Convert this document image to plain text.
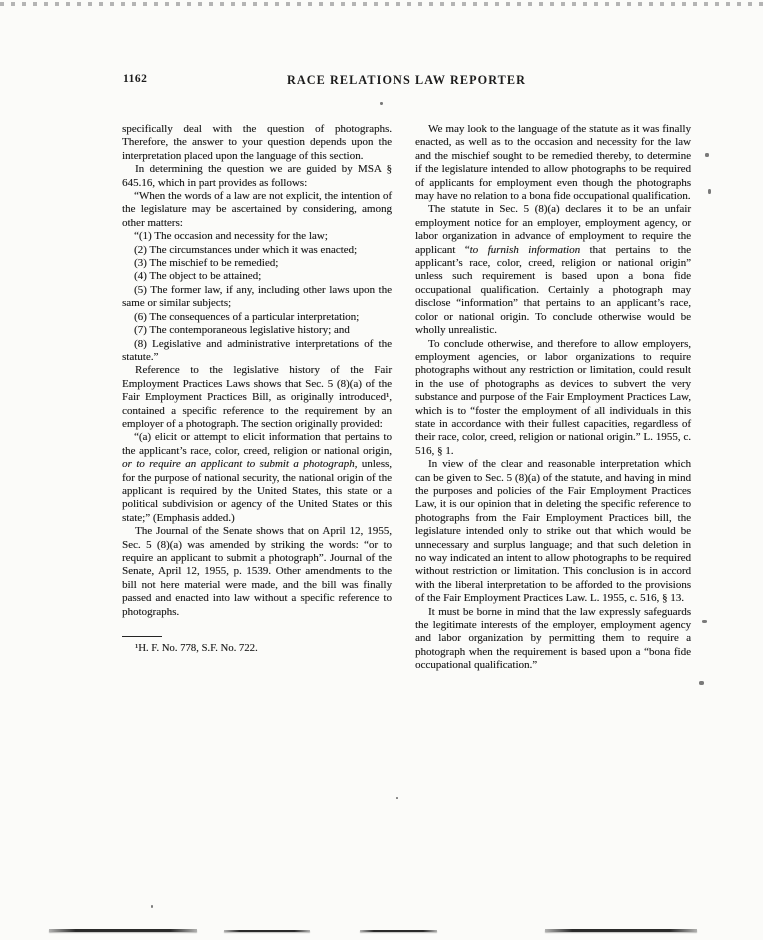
1162	RACE RELATIONS LAW REPORTER

specifically deal with the question of photographs. Therefore, the answer to your question depends upon the interpretation placed upon the language of this section.

In determining the question we are guided by MSA § 645.16, which in part provides as follows:

“When the words of a law are not explicit, the intention of the legislature may be ascertained by considering, among other matters:

“(1) The occasion and necessity for the law;

(2) The circumstances under which it was enacted;

(3) The mischief to be remedied;

(4) The object to be attained;

(5) The former law, if any, including other laws upon the same or similar subjects;

(6) The consequences of a particular interpretation;

(7) The contemporaneous legislative history; and

(8) Legislative and administrative interpretations of the statute.”

Reference to the legislative history of the Fair Employment Practices Laws shows that Sec. 5 (8)(a) of the Fair Employment Practices Bill, as originally introduced¹, contained a specific reference to the requirement by an employer of a photograph. The section originally provided:

“(a) elicit or attempt to elicit information that pertains to the applicant’s race, color, creed, religion or national origin, or to require an applicant to submit a photograph, unless, for the purpose of national security, the national origin of the applicant is required by the United States, this state or a political subdivision or agency of the United States or this state;” (Emphasis added.)

The Journal of the Senate shows that on April 12, 1955, Sec. 5 (8)(a) was amended by striking the words: “or to require an applicant to submit a photograph”. Journal of the Senate, April 12, 1955, p. 1539. Other amendments to the bill not here material were made, and the bill was finally passed and enacted into law without a specific reference to photographs.

¹H. F. No. 778, S.F. No. 722.

We may look to the language of the statute as it was finally enacted, as well as to the occasion and necessity for the law and the mischief sought to be remedied thereby, to determine if the legislature intended to allow photographs to be required of applicants for employment even though the photographs may have no relation to a bona fide occupational qualification.

The statute in Sec. 5 (8)(a) declares it to be an unfair employment notice for an employer, employment agency, or labor organization in advance of employment to require the applicant “to furnish information that pertains to the applicant’s race, color, creed, religion or national origin” unless such requirement is based upon a bona fide occupational qualification. Certainly a photograph may disclose “information” that pertains to an applicant’s race, color or national origin. To conclude otherwise would be wholly unrealistic.

To conclude otherwise, and therefore to allow employers, employment agencies, or labor organizations to require photographs without any restriction or limitation, could result in the use of photographs as devices to subvert the very substance and purpose of the Fair Employment Practices Law, which is to “foster the employment of all individuals in this state in accordance with their fullest capacities, regardless of their race, color, creed, religion or national origin.” L. 1955, c. 516, § 1.

In view of the clear and reasonable interpretation which can be given to Sec. 5 (8)(a) of the statute, and having in mind the purposes and policies of the Fair Employment Practices Law, it is our opinion that in deleting the specific reference to photographs from the Fair Employment Practices bill, the legislature intended only to strike out that which would be unnecessary and surplus language; and that such deletion in no way indicated an intent to allow photographs to be required without restriction or limitation. This conclusion is in accord with the liberal interpretation to be afforded to the provisions of the Fair Employment Practices Law. L. 1955, c. 516, § 13.

It must be borne in mind that the law expressly safeguards the legitimate interests of the employer, employment agency and labor organization by permitting them to require a photograph when the requirement is based upon a “bona fide occupational qualification.”
